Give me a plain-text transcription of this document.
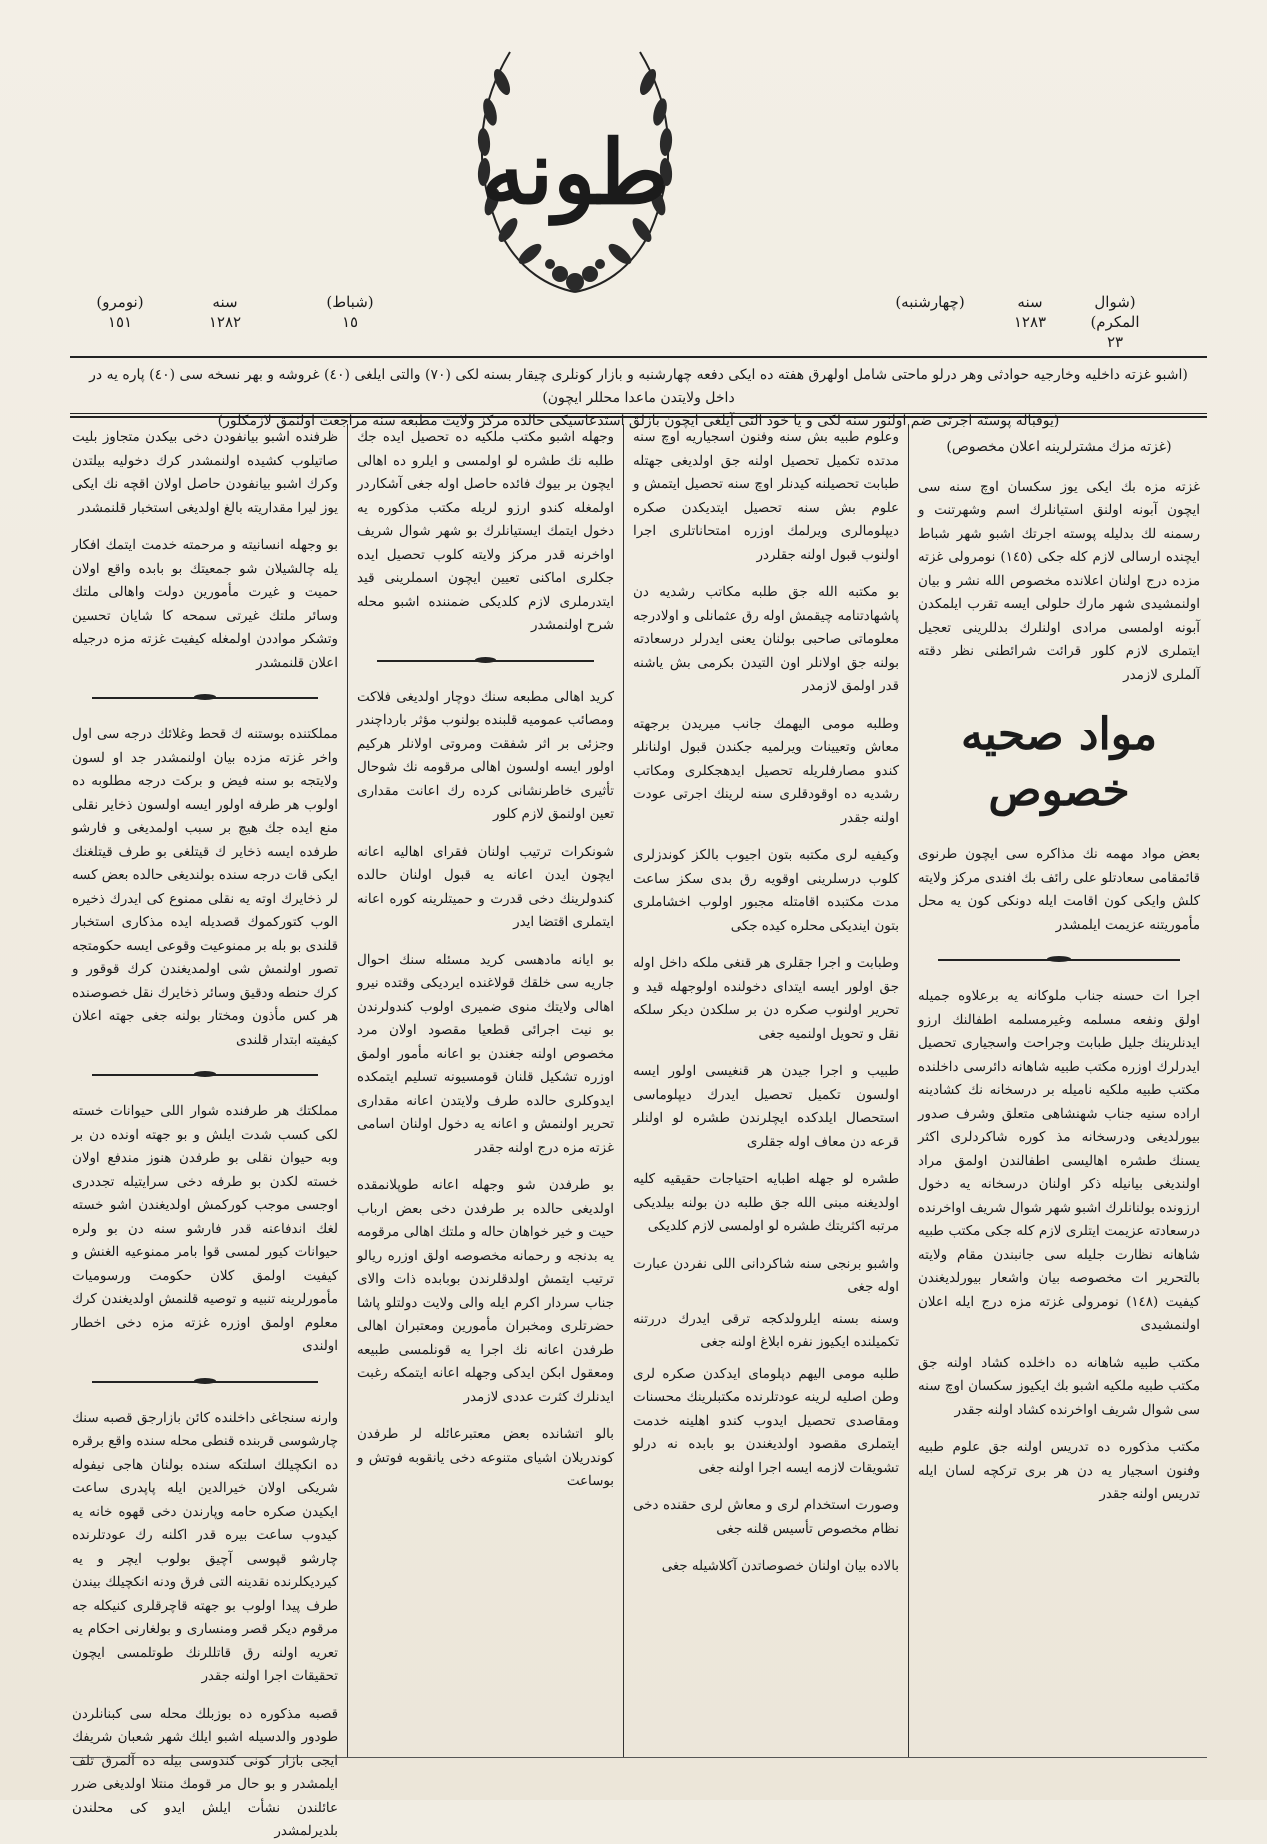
طونه
(شوال المكرم)
٢٣
سنه
١٢٨٣
(چهارشنبه)
(شباط)
١٥
سنه
١٢٨٢
(نومرو)
١٥١
(اشبو غزته داخليه وخارجيه حوادثى وهر درلو ماحتى شامل اولهرق هفته ده ايكى دفعه چهارشنبه و بازار كونلرى چيقار بسنه لكى (٧٠) والتى ايلغى (٤٠) غروشه و بهر نسخه سى (٤٠) پاره يه در داخل ولايتدن ماعدا محللر ايچون)
(يوقباله پوسته اجرتى ضم اولنور سنه لكى و يا خود التى آيلغى ايچون بازلق استدعاسيكى حالده مركز ولايت مطبعه سنه مراجعت اولنمق لازمكلور)
(غزته مزك مشترلرينه اعلان مخصوص)

غزته مزه بك ايكى يوز سكسان اوچ سنه سى ايچون آبونه اولنق استيانلرك اسم وشهرتنت و رسمنه لك بدليله پوسته اجرتك اشبو شهر شباط ايچنده ارسالى لازم كله جكى (١٤٥) نومرولى غزته مزده درج اولنان اعلانده مخصوص الله نشر و بيان اولنمشيدى شهر مارك حلولى ايسه تقرب ايلمكدن آبونه اولمسى مرادى اولنلرك بدللرينى تعجيل ايتملرى لازم كلور قرائت شرائطنى نظر دقته آلملرى لازمدر

مواد صحيه خصوص

بعض مواد مهمه نك مذاكره سى ايچون طرنوى قائمقامى سعادتلو على رائف بك افندى مركز ولايته كلش وايكى كون اقامت ايله دونكى كون يه محل مأموريتنه عزيمت ايلمشدر

اجرا ات حسنه جناب ملوكانه يه برعلاوه جميله اولق ونفعه مسلمه وغيرمسلمه اطفالنك ارزو ايدنلرينك جليل طبابت وجراحت واسجيارى تحصيل ايدرلرك اوزره مكتب طبيه شاهانه دائرسى داخلنده مكتب طبيه ملكيه ناميله بر درسخانه نك كشادينه اراده سنيه جناب شهنشاهى متعلق وشرف صدور بيورلديغى ودرسخانه مذ كوره شاكردلرى اكثر يسنك طشره اهاليسى اطفالندن اولمق مراد اولنديغى بيانيله ذكر اولنان درسخانه يه دخول ارزونده بولنانلرك اشبو شهر شوال شريف اواخرنده درسعادته عزيمت ايتلرى لازم كله جكى مكتب طبيه شاهانه نظارت جليله سى جانبندن مقام ولايته بالتحرير ات مخصوصه بيان واشعار بيورلديغندن كيفيت (١٤٨) نومرولى غزته مزه درج ايله اعلان اولنمشيدى

مكتب طبيه شاهانه ده داخلده كشاد اولنه جق مكتب طبيه ملكيه اشبو بك ايكيوز سكسان اوچ سنه سى شوال شريف اواخرنده كشاد اولنه جقدر

مكتب مذكوره ده تدريس اولنه جق علوم طبيه وفنون اسجيار يه دن هر برى تركچه لسان ايله تدريس اولنه جقدر

وعلوم طبيه بش سنه وفنون اسجياريه اوچ سنه مدتده تكميل تحصيل اولنه جق اولديغى جهتله طبابت تحصيلنه كيدنلر اوچ سنه تحصيل ايتمش و علوم بش سنه تحصيل ايتديكدن صكره ديپلومالرى ويرلمك اوزره امتحاناتلرى اجرا اولنوب قبول اولنه جقلردر

بو مكتبه الله جق طلبه مكاتب رشديه دن پاشهادتنامه چيقمش اوله رق عثمانلى و اولادرجه معلوماتى صاحبى بولنان يعنى ايدرلر درسعادته بولنه جق اولانلر اون التيدن بكرمى بش ياشنه قدر اولمق لازمدر

وطلبه مومى اليهمك جانب ميريدن برجهته معاش وتعيينات ويرلميه جكندن قبول اولنانلر كندو مصارفلريله تحصيل ايدهجكلرى ومكاتب رشديه ده اوقودقلرى سنه لرينك اجرتى عودت اولنه جقدر

وكيفيه لرى مكتبه بتون اجيوب بالكز كوندزلرى كلوب درسلرينى اوقويه رق بدى سكز ساعت مدت مكتبده اقامتله مجبور اولوب اخشاملرى بتون اينديكى محلره كيده جكى

وطبابت و اجرا جقلرى هر قنغى ملكه داخل اوله جق اولور ايسه ايتداى دخولنده اولوجهله قيد و تحرير اولنوب صكره دن بر سلكدن ديكر سلكه نقل و تحويل اولنميه جغى

طبيب و اجرا جيدن هر قنغيسى اولور ايسه اولسون تكميل تحصيل ايدرك ديپلوماسى استحصال ايلدكده ايچلرندن طشره لو اولنلر قرعه دن معاف اوله جقلرى

طشره لو جهله اطبايه احتياجات حقيقيه كليه اولديغنه مبنى الله جق طلبه دن بولنه بيلديكى مرتبه اكثريتك طشره لو اولمسى لازم كلديكى

واشبو برنجى سنه شاكردانى اللى نفردن عبارت اوله جغى

وسنه بسنه ايلرولدكجه ترقى ايدرك دررتنه تكميلنده ايكيوز نفره ابلاغ اولنه جغى

طلبه مومى اليهم دپلوماى ايدكدن صكره لرى وطن اصليه لرينه عودتلرنده مكتبلرينك محسنات ومقاصدى تحصيل ايدوب كندو اهلينه خدمت ايتملرى مقصود اولديغندن بو بابده نه درلو تشويقات لازمه ايسه اجرا اولنه جغى

وصورت استخدام لرى و معاش لرى حقنده دخى نظام مخصوص تأسيس قلنه جغى

بالاده بيان اولنان خصوصاتدن آكلاشيله جغى

وجهله اشبو مكتب ملكيه ده تحصيل ايده جك طلبه نك طشره لو اولمسى و ايلرو ده اهالى ايچون بر بيوك فائده حاصل اوله جغى آشكاردر اولمغله كندو ارزو لريله مكتب مذكوره يه دخول ايتمك ايستيانلرك بو شهر شوال شريف اواخرنه قدر مركز ولايته كلوب تحصيل ايده جكلرى اماكنى تعيين ايچون اسملرينى قيد ايتدرملرى لازم كلديكى ضمننده اشبو محله شرح اولنمشدر

كريد اهالى مطبعه سنك دوچار اولديغى فلاكت ومصائب عموميه قلبنده بولنوب مؤثر بارداچندر وجزئى بر اثر شفقت ومروتى اولانلر هركيم اولور ايسه اولسون اهالى مرقومه نك شوحال تأثيرى خاطرنشانى كرده رك اعانت مقدارى تعين اولنمق لازم كلور

شونكرات ترتيب اولنان فقراى اهاليه اعانه ايچون ايدن اعانه يه قبول اولنان حالده كندولرينك دخى قدرت و حميتلرينه كوره اعانه ايتملرى اقتضا ايدر

بو ايانه مادهسى كريد مسئله سنك احوال جاريه سى خلقك قولاغنده ايرديكى وقتده نيرو اهالى ولايتك منوى ضميرى اولوب كندولرندن بو نيت اجرائى قطعيا مقصود اولان مرد مخصوص اولنه جغندن بو اعانه مأمور اولمق اوزره تشكيل قلنان قومسيونه تسليم ايتمكده ايدوكلرى حالده طرف ولايتدن اعانه مقدارى تحرير اولنمش و اعانه يه دخول اولنان اسامى غزته مزه درج اولنه جقدر

بو طرفدن شو وجهله اعانه طوپلانمقده اولديغى حالده بر طرفدن دخى بعض ارباب حيت و خير خواهان حاله و ملتك اهالى مرقومه يه بدنجه و رحمانه مخصوصه اولق اوزره ريالو ترتيب ايتمش اولدقلرندن بوبابده ذات والاى جناب سردار اكرم ايله والى ولايت دولتلو پاشا حضرتلرى ومخبران مأمورين ومعتبران اهالى طرفدن اعانه نك اجرا يه قونلمسى طبيعه ومعقول ابكن ايدكى وجهله اعانه ايتمكه رغبت ايدنلرك كثرت عددى لازمدر

بالو اتشانده بعض معتبرعائله لر طرفدن كوندريلان اشياى متنوعه دخى يانقوبه فوتش و بوساعت

ظرفنده اشبو بيانفودن دخى بيكدن متجاوز بليت صاتيلوب كشيده اولنمشدر كرك دخوليه بيلتدن وكرك اشبو بيانفودن حاصل اولان اقچه نك ايكى يوز ليرا مقداريته بالغ اولديغى استخبار قلنمشدر

بو وجهله انسانيته و مرحمته خدمت ايتمك افكار يله چالشيلان شو جمعيتك بو بابده واقع اولان حميت و غيرت مأمورين دولت واهالى ملتك وسائر ملتك غيرتى سمحه كا شايان تحسين وتشكر مواددن اولمغله كيفيت غزته مزه درجيله اعلان قلنمشدر

مملكتنده بوستنه ك قحط وغلائك درجه سى اول واخر غزته مزده بيان اولنمشدر جد او لسون ولايتجه بو سنه فيض و بركت درجه مطلوبه ده اولوب هر طرفه اولور ايسه اولسون ذخاير نقلى منع ايده جك هيچ بر سبب اولمديغى و فارشو طرفده ايسه ذخاير ك قيتلغى بو طرف قيتلغنك ايكى قات درجه سنده بولنديغى حالده بعض كسه لر ذخايرك اوته يه نقلى ممنوع كى ايدرك ذخيره الوب كتوركموك قصديله ايده مذكارى استخبار قلندى بو بله بر ممنوعيت وقوعى ايسه حكومتجه تصور اولنمش شى اولمديغندن كرك قوقور و كرك حنطه ودقيق وسائر ذخايرك نقل خصوصنده هر كس مأذون ومختار بولنه جغى جهته اعلان كيفيته ابتدار قلندى

مملكتك هر طرفنده شوار اللى حيوانات خسته لكى كسب شدت ايلش و بو جهته اونده دن بر وبه حيوان نقلى بو طرفدن هنوز مندفع اولان خسته لكدن بو طرفه دخى سرايتيله تجددرى اوجسى موجب كوركمش اولديغندن اشو خسته لغك اندفاعنه قدر فارشو سنه دن بو ولره حيوانات كيور لمسى قوا بامر ممنوعيه الغنش و كيفيت اولمق كلان حكومت ورسوميات مأمورلرينه تنبيه و توصيه قلنمش اولديغندن كرك معلوم اولمق اوزره غزته مزه دخى اخطار اولندى

وارنه سنجاغى داخلنده كائن بازارجق قصبه سنك چارشوسى قربنده قنطى محله سنده واقع برقره ده انكچيلك اسلتكه سنده بولنان هاجى نيفوله شريكى اولان خيرالدين ايله پاپدرى ساعت ايكيدن صكره حامه وپارندن دخى قهوه خانه يه كيدوب ساعت بيره قدر اكلنه رك عودتلرنده چارشو قپوسى آچيق بولوب ايچر و يه كيرديكلرنده نقدينه التى فرق ودنه انكچيلك بيندن طرف پيدا اولوب بو جهته قاچرقلرى كنيكله جه مرقوم ديكر قصر ومنسارى و بولغارنى احكام يه تعريه اولنه رق قاتللرنك طوتلمسى ايچون تحقيقات اجرا اولنه جقدر

قصبه مذكوره ده بوزبلك محله سى كبنانلردن طودور والدسيله اشبو ايلك شهر شعبان شريفك ايجى بازار كونى كندوسى بيله ده آلمرق تلف ايلمشدر و بو حال مر قومك منتلا اولديغى ضرر عائلندن نشأت ايلش ايدو كى محلندن بلديرلمشدر
